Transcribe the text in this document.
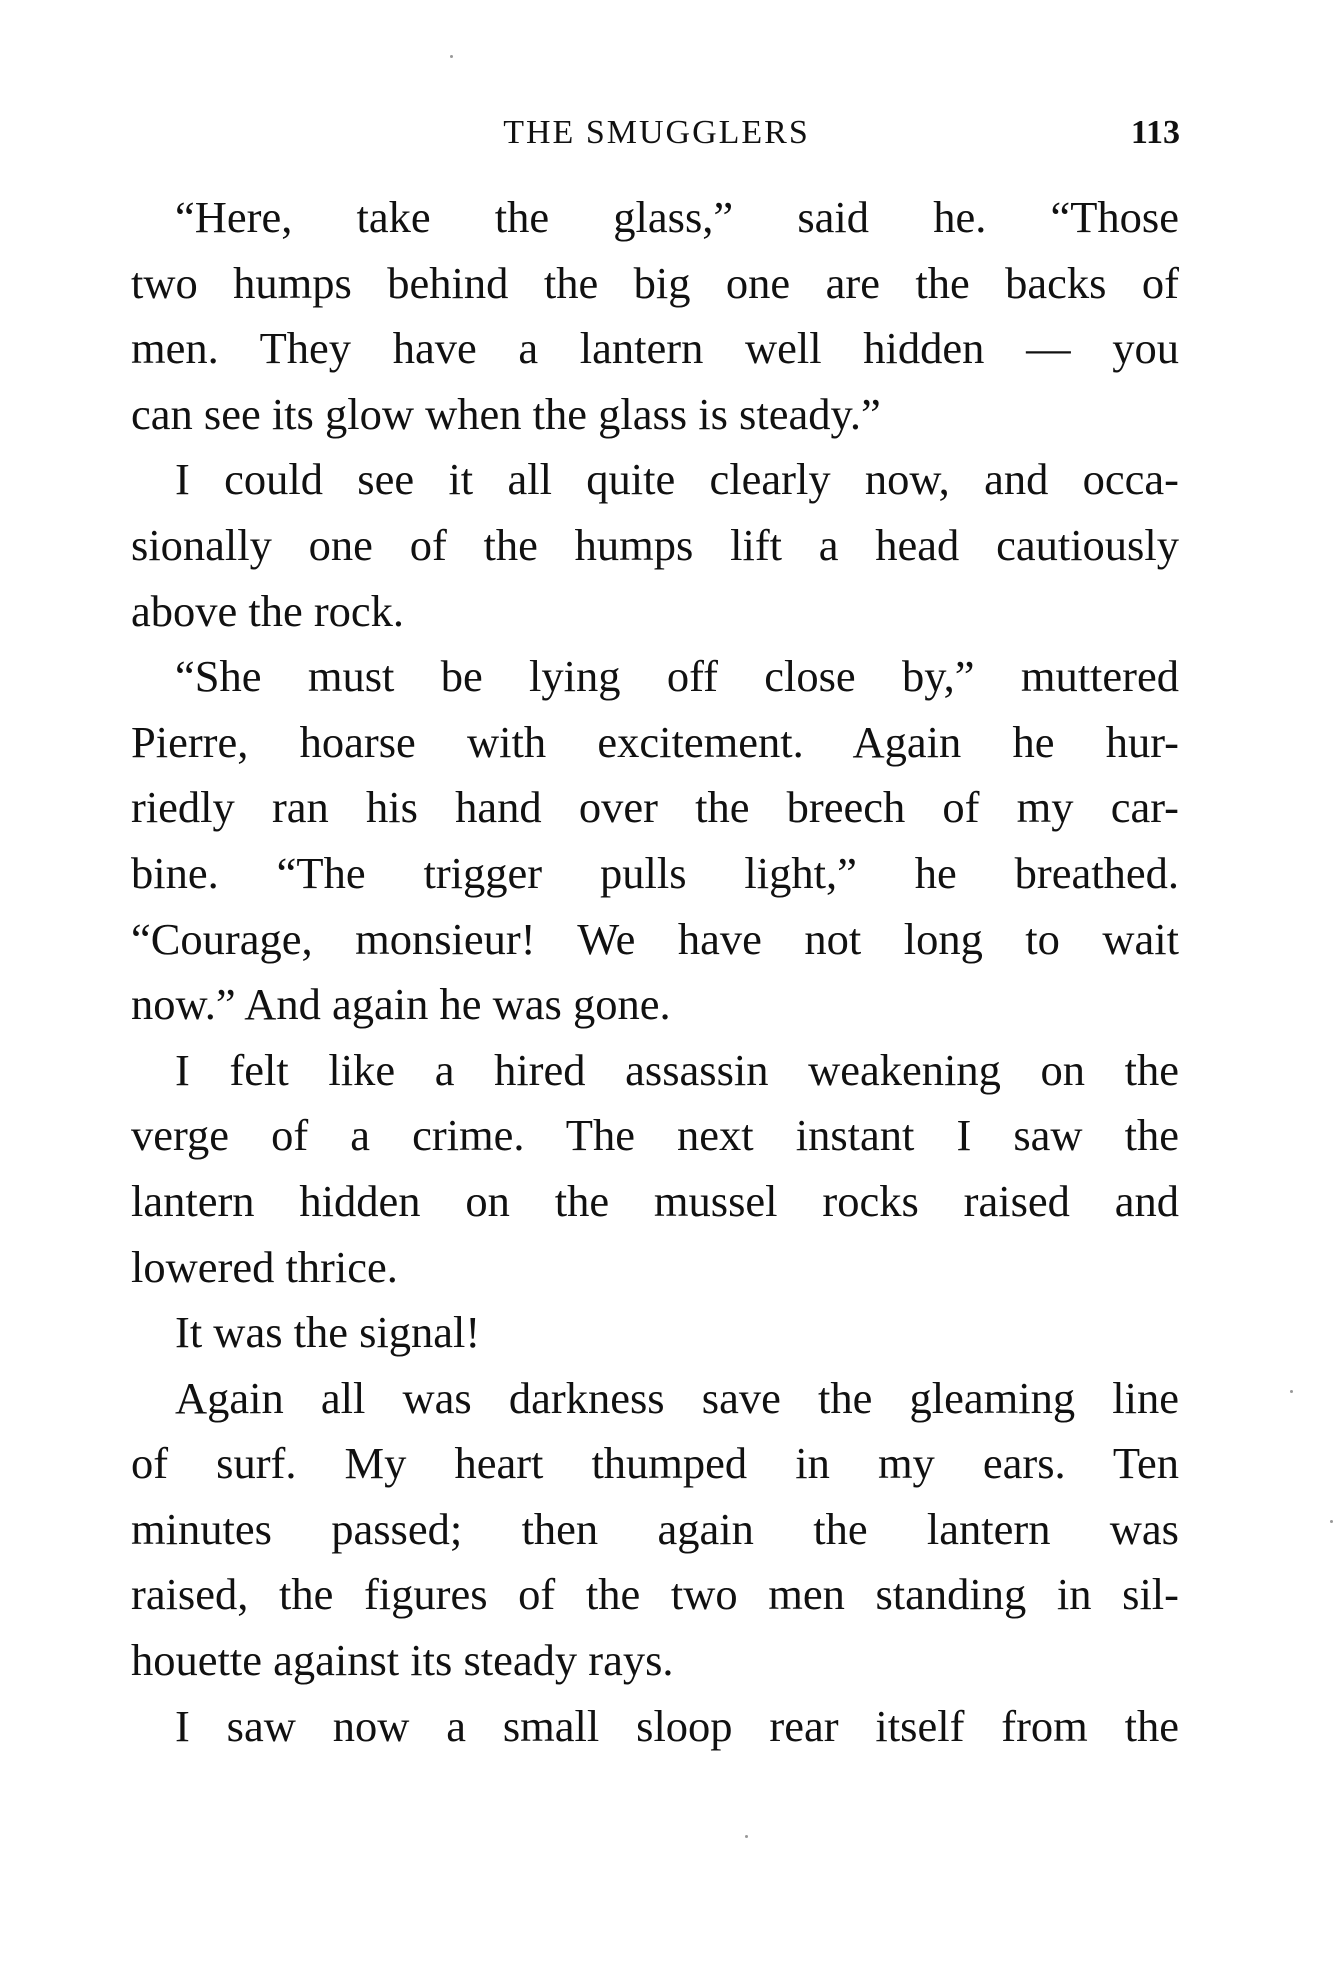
THE SMUGGLERS	113

“Here, take the glass,” said he. “Those
two humps behind the big one are the backs of
men. They have a lantern well hidden — you
can see its glow when the glass is steady.”

I could see it all quite clearly now, and occa-
sionally one of the humps lift a head cautiously
above the rock.

“She must be lying off close by,” muttered
Pierre, hoarse with excitement. Again he hur-
riedly ran his hand over the breech of my car-
bine. “The trigger pulls light,” he breathed.
“Courage, monsieur! We have not long to wait
now.” And again he was gone.

I felt like a hired assassin weakening on the
verge of a crime. The next instant I saw the
lantern hidden on the mussel rocks raised and
lowered thrice.

It was the signal!

Again all was darkness save the gleaming line
of surf. My heart thumped in my ears. Ten
minutes passed; then again the lantern was
raised, the figures of the two men standing in sil-
houette against its steady rays.

I saw now a small sloop rear itself from the
